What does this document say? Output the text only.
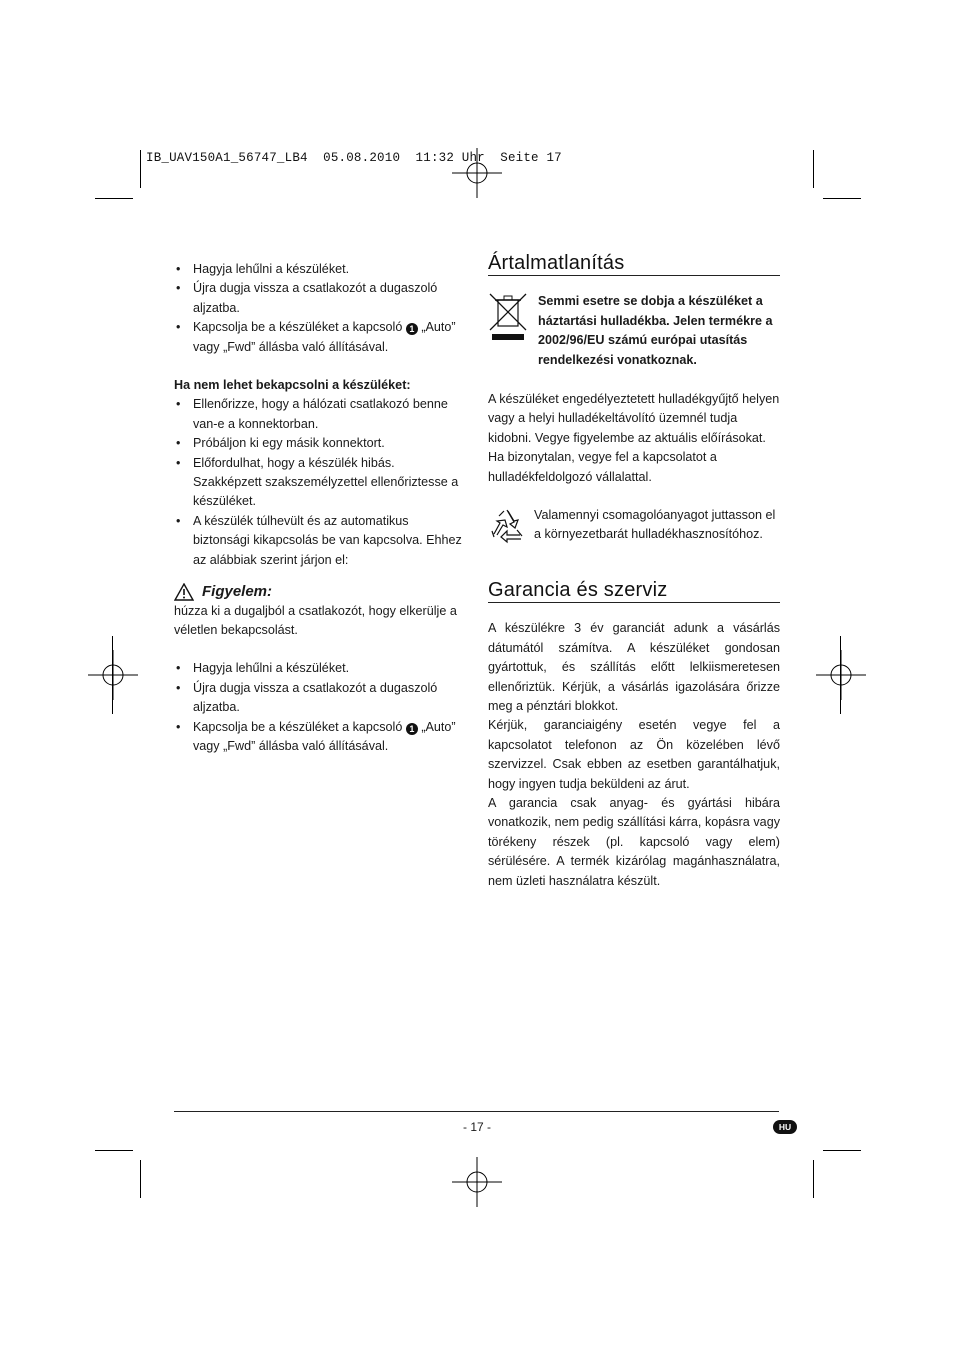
IB_UAV150A1_56747_LB4  05.08.2010  11:32 Uhr  Seite 17
• Hagyja lehűlni a készüléket.
• Újra dugja vissza a csatlakozót a dugaszoló aljzatba.
• Kapcsolja be a készüléket a kapcsoló 1 „Auto” vagy „Fwd” állásba való állításával.
Ha nem lehet bekapcsolni a készüléket:
• Ellenőrizze, hogy a hálózati csatlakozó benne van-e a konnektorban.
• Próbáljon ki egy másik konnektort.
• Előfordulhat, hogy a készülék hibás. Szakképzett szakszemélyzettel ellenőriztesse a készüléket.
• A készülék túlhevült és az automatikus biztonsági kikapcsolás be van kapcsolva. Ehhez az alábbiak szerint járjon el:
Figyelem:
húzza ki a dugaljból a csatlakozót, hogy elkerülje a véletlen bekapcsolást.
• Hagyja lehűlni a készüléket.
• Újra dugja vissza a csatlakozót a dugaszoló aljzatba.
• Kapcsolja be a készüléket a kapcsoló 1 „Auto” vagy „Fwd” állásba való állításával.
Ártalmatlanítás
Semmi esetre se dobja a készüléket a háztartási hulladékba. Jelen termékre a 2002/96/EU számú európai utasítás rendelkezési vonatkoznak.
A készüléket engedélyeztetett hulladékgyűjtő helyen vagy a helyi hulladékeltávolító üzemnél tudja kidobni. Vegye figyelembe az aktuális előírásokat.
Ha bizonytalan, vegye fel a kapcsolatot a hulladékfeldolgozó vállalattal.
Valamennyi csomagolóanyagot juttasson el a környezetbarát hulladékhasznosítóhoz.
Garancia és szerviz
A készülékre 3 év garanciát adunk a vásárlás dátumától számítva. A készüléket gondosan gyártottuk, és szállítás előtt lelkiismeretesen ellenőriztük. Kérjük, a vásárlás igazolására őrizze meg a pénztári blokkot.
Kérjük, garanciaigény esetén vegye fel a kapcsolatot telefonon az Ön közelében lévő szervizzel. Csak ebben az esetben garantálhatjuk, hogy ingyen tudja beküldeni az árut.
A garancia csak anyag- és gyártási hibára vonatkozik, nem pedig szállítási kárra, kopásra vagy törékeny részek (pl. kapcsoló vagy elem) sérülésére. A termék kizárólag magánhasználatra, nem üzleti használatra készült.
- 17 -	HU
